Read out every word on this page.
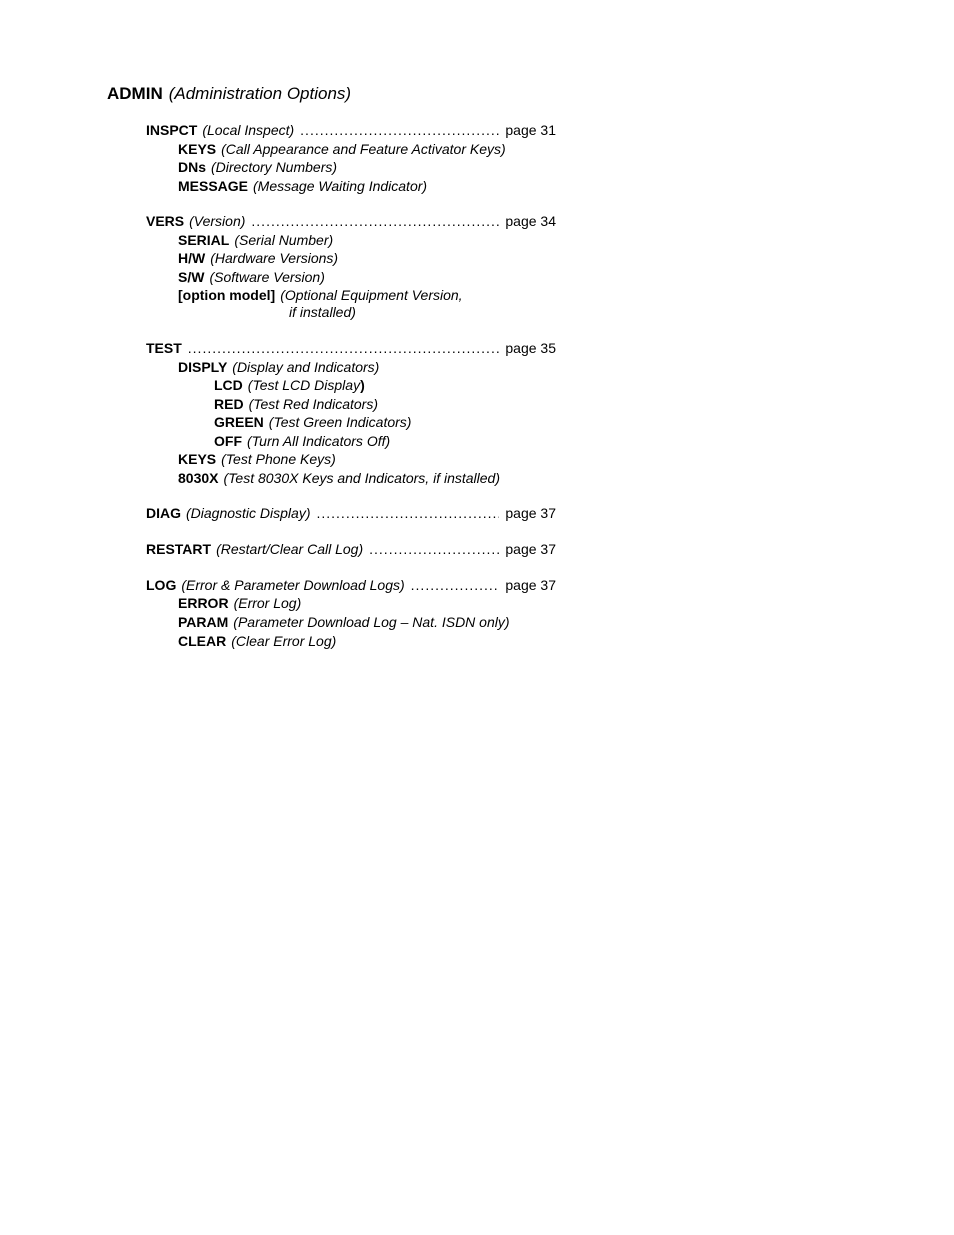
ADMIN (Administration Options)
INSPCT (Local Inspect) .....	page 31
KEYS (Call Appearance and Feature Activator Keys)
DNs (Directory Numbers)
MESSAGE (Message Waiting Indicator)
VERS (Version) .....	page 34
SERIAL (Serial Number)
H/W (Hardware Versions)
S/W (Software Version)
[option model] (Optional Equipment Version,
if installed)
TEST .....	page 35
DISPLY (Display and Indicators)
LCD (Test LCD Display)
RED (Test Red Indicators)
GREEN (Test Green Indicators)
OFF (Turn All Indicators Off)
KEYS (Test Phone Keys)
8030X (Test 8030X Keys and Indicators, if installed)
DIAG (Diagnostic Display) .....	page 37
RESTART (Restart/Clear Call Log) .....	page 37
LOG (Error & Parameter Download Logs) .....	page 37
ERROR (Error Log)
PARAM (Parameter Download Log – Nat. ISDN only)
CLEAR (Clear Error Log)
